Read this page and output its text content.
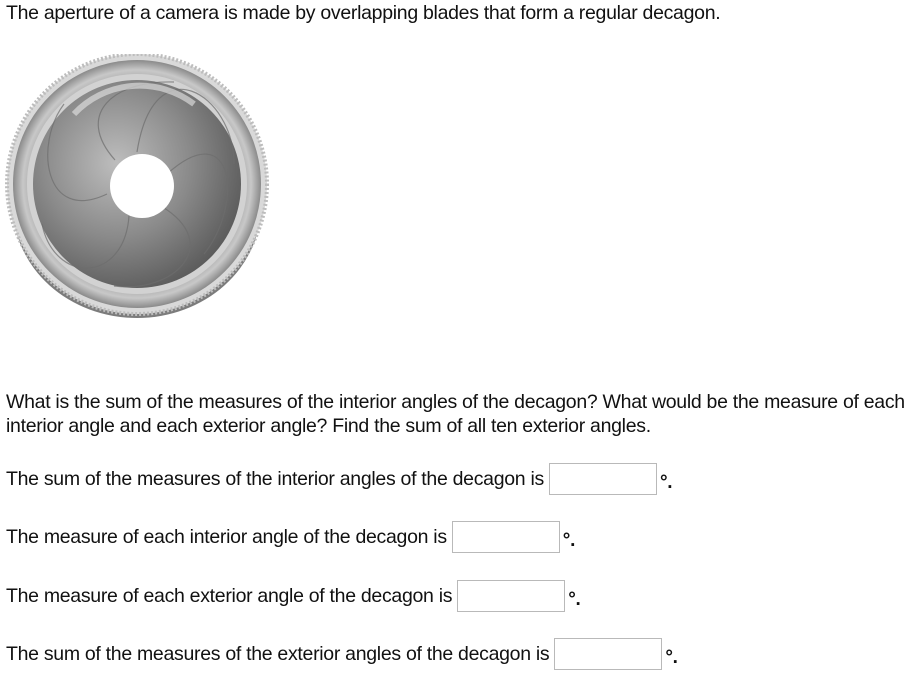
The aperture of a camera is made by overlapping blades that form a regular decagon.
What is the sum of the measures of the interior angles of the decagon? What would be the measure of each interior angle and each exterior angle? Find the sum of all ten exterior angles.
The sum of the measures of the interior angles of the decagon is	°.
The measure of each interior angle of the decagon is	°.
The measure of each exterior angle of the decagon is	°.
The sum of the measures of the exterior angles of the decagon is	°.
